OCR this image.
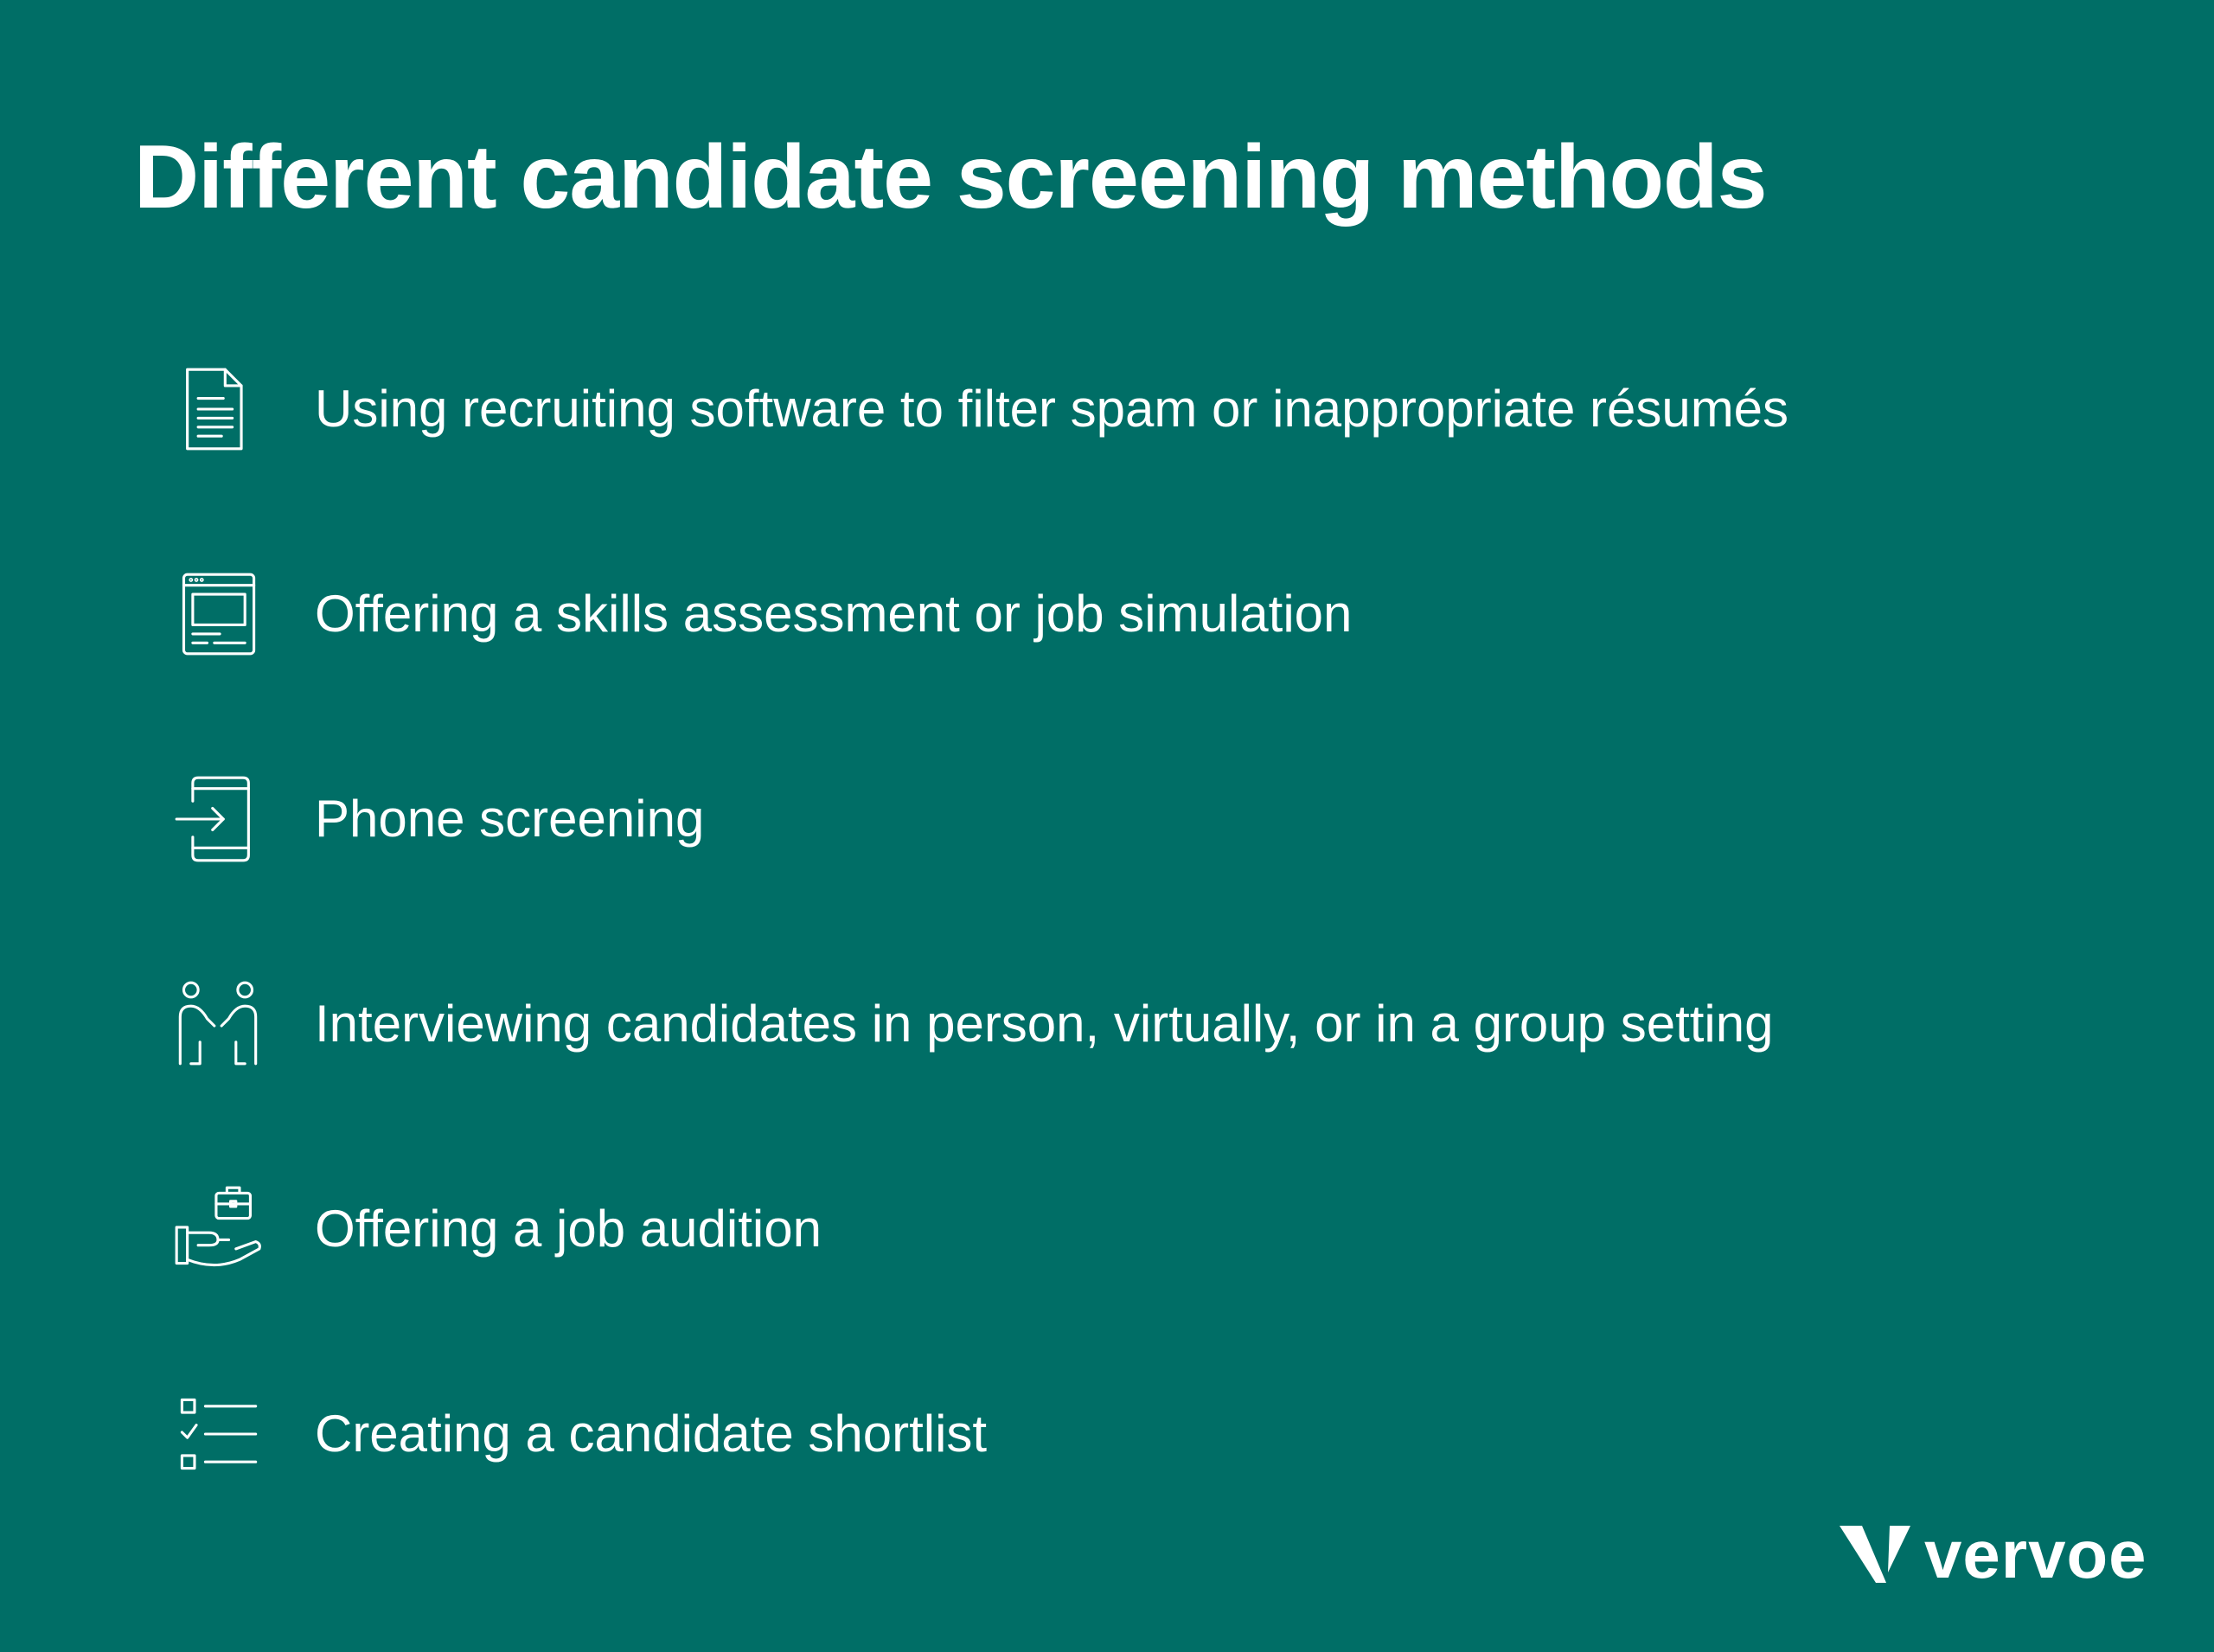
Different candidate screening methods
Using recruiting software to filter spam or inappropriate résumés
Offering a skills assessment or job simulation
Phone screening
Interviewing candidates in person, virtually, or in a group setting
Offering a job audition
Creating a candidate shortlist
vervoe
